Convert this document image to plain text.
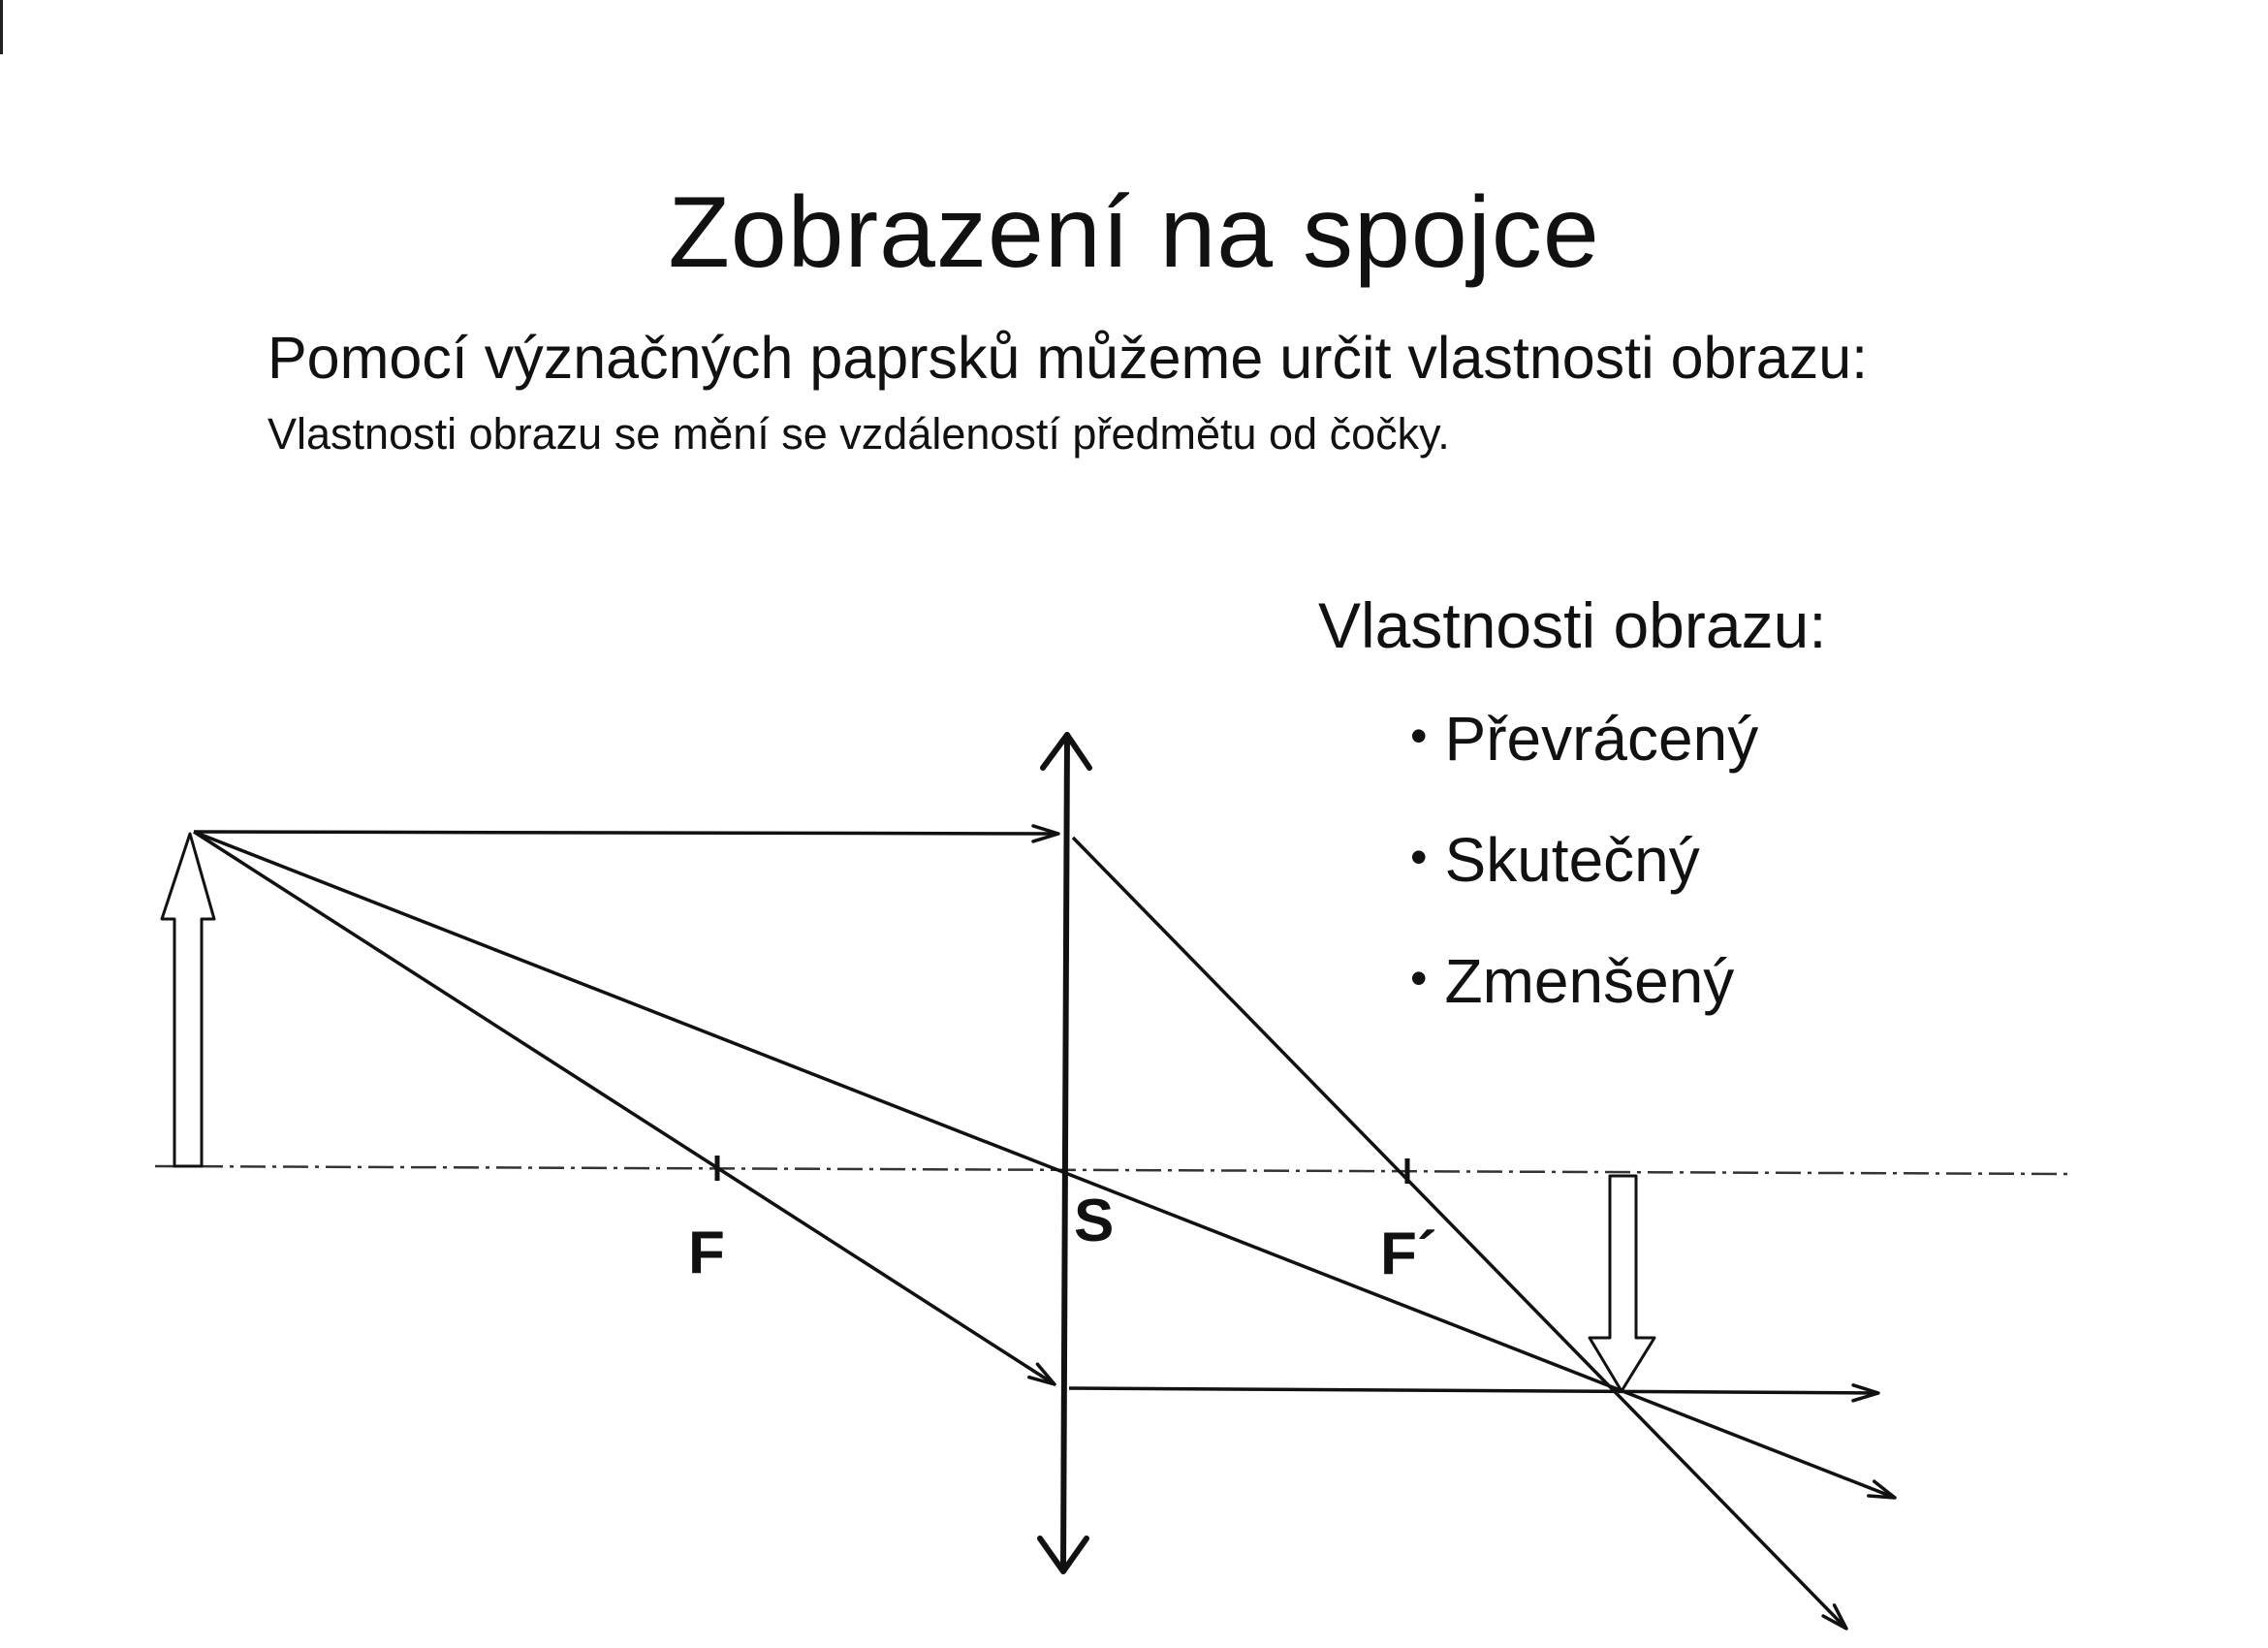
Zobrazení na spojce
Pomocí význačných paprsků můžeme určit vlastnosti obrazu:
Vlastnosti obrazu se mění se vzdáleností předmětu od čočky.
F	S	F´
Vlastnosti obrazu:
• Převrácený
• Skutečný
• Zmenšený
